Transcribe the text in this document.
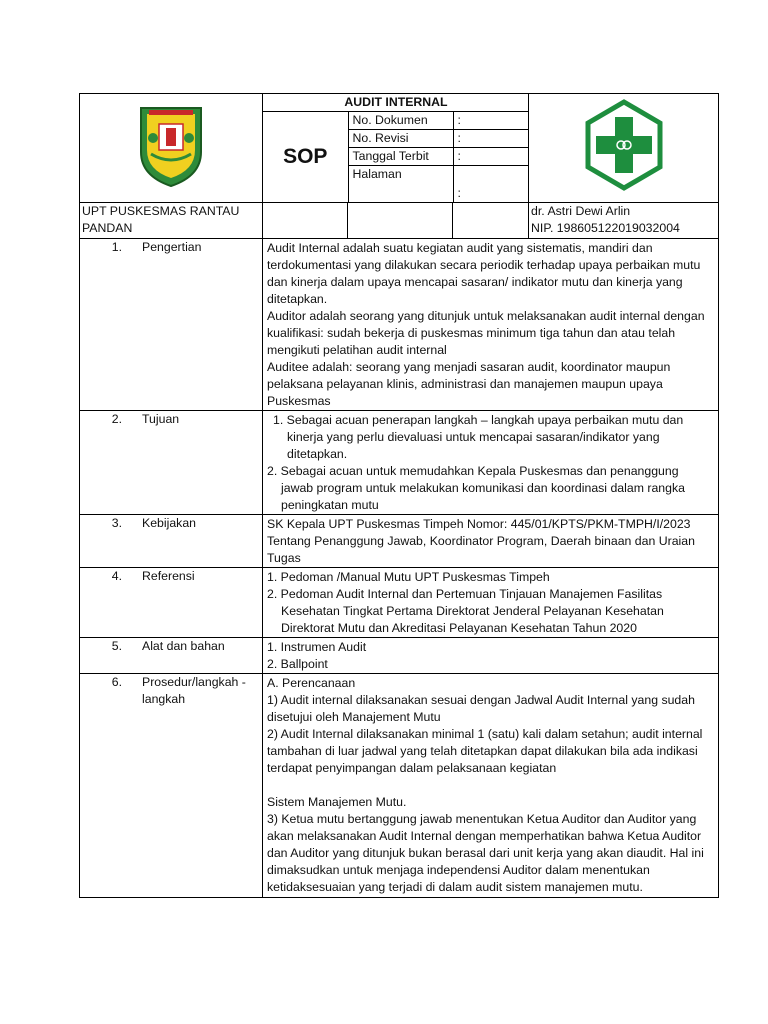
AUDIT INTERNAL
SOP	No. Dokumen	:
No. Revisi	:
Tanggal Terbit	:
Halaman	:

UPT PUSKESMAS RANTAU PANDAN				
dr. Astri Dewi Arlin
NIP. 198605122019032004

1.	Pengertian	Audit Internal adalah suatu kegiatan audit yang sistematis, mandiri dan terdokumentasi yang dilakukan secara periodik terhadap upaya perbaikan mutu dan kinerja dalam upaya mencapai sasaran/ indikator mutu dan kinerja yang ditetapkan.

Auditor adalah seorang yang ditunjuk untuk melaksanakan audit internal dengan kualifikasi: sudah bekerja di puskesmas minimum tiga tahun dan atau telah mengikuti pelatihan audit internal

Auditee adalah: seorang yang menjadi sasaran audit, koordinator maupun pelaksana pelayanan klinis, administrasi dan manajemen maupun upaya Puskesmas

2.	Tujuan	1. Sebagai acuan penerapan langkah – langkah upaya perbaikan mutu dan kinerja yang perlu dievaluasi untuk mencapai sasaran/indikator yang ditetapkan.

2. Sebagai acuan untuk memudahkan Kepala Puskesmas dan penanggung jawab program untuk melakukan komunikasi dan koordinasi dalam rangka peningkatan mutu

3.	Kebijakan	SK Kepala UPT Puskesmas Timpeh Nomor: 445/01/KPTS/PKM-TMPH/I/2023 Tentang Penanggung Jawab, Koordinator Program, Daerah binaan dan Uraian Tugas

4.	Referensi	1. Pedoman /Manual Mutu UPT Puskesmas Timpeh

2. Pedoman Audit Internal dan Pertemuan Tinjauan Manajemen Fasilitas Kesehatan Tingkat Pertama Direktorat Jenderal Pelayanan Kesehatan Direktorat Mutu dan Akreditasi Pelayanan Kesehatan Tahun 2020

5.	Alat dan bahan	1. Instrumen Audit

2. Ballpoint

6.	Prosedur/langkah - langkah

A. Perencanaan

1) Audit internal dilaksanakan sesuai dengan Jadwal Audit Internal yang sudah disetujui oleh Manajement Mutu

2) Audit Internal dilaksanakan minimal 1 (satu) kali dalam setahun; audit internal tambahan di luar jadwal yang telah ditetapkan dapat dilakukan bila ada indikasi terdapat penyimpangan dalam pelaksanaan kegiatan

Sistem Manajemen Mutu.

3) Ketua mutu bertanggung jawab menentukan Ketua Auditor dan Auditor yang akan melaksanakan Audit Internal dengan memperhatikan bahwa Ketua Auditor dan Auditor yang ditunjuk bukan berasal dari unit kerja yang akan diaudit. Hal ini dimaksudkan untuk menjaga independensi Auditor dalam menentukan ketidaksesuaian yang terjadi di dalam audit sistem manajemen mutu.
